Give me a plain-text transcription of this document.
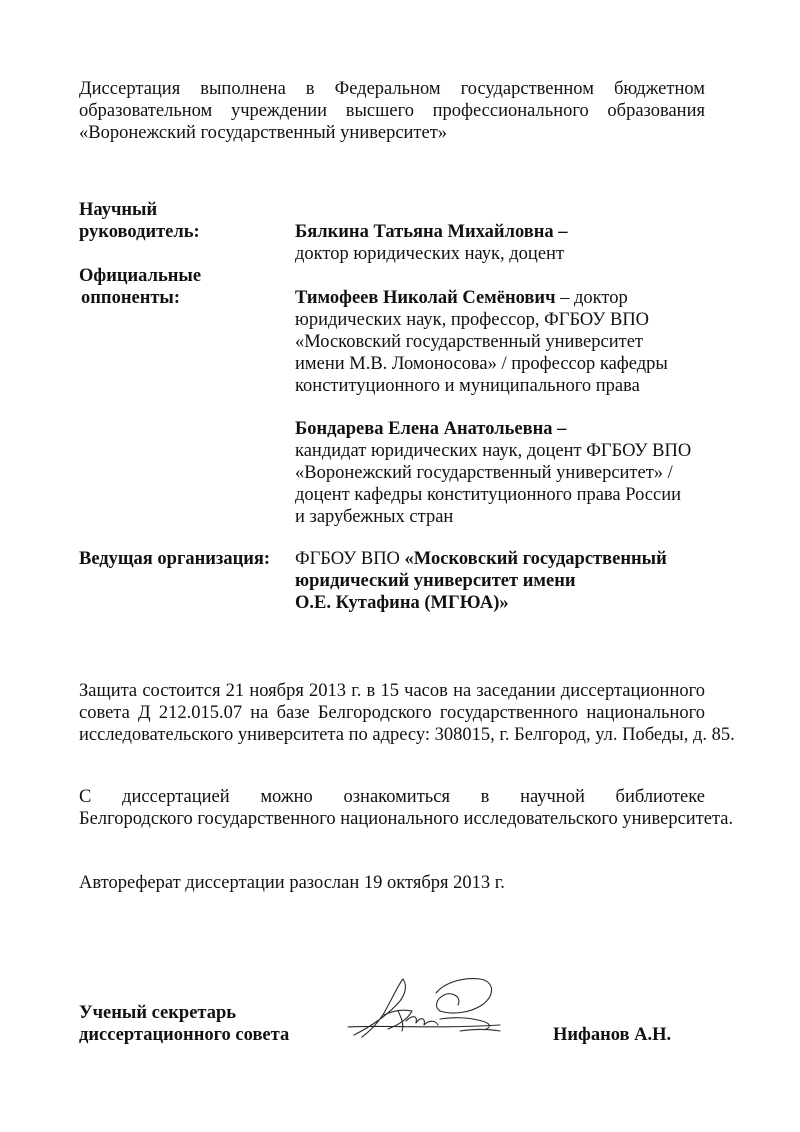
Диссертация выполнена в Федеральном государственном бюджетном
образовательном учреждении высшего профессионального образования
«Воронежский государственный университет»
Научный
руководитель:	Бялкина Татьяна Михайловна –
доктор юридических наук, доцент
Официальные
оппоненты:	Тимофеев Николай Семёнович – доктор
юридических наук, профессор, ФГБОУ ВПО
«Московский государственный университет
имени М.В. Ломоносова» / профессор кафедры
конституционного и муниципального права
Бондарева Елена Анатольевна –
кандидат юридических наук, доцент ФГБОУ ВПО
«Воронежский государственный университет» /
доцент кафедры конституционного права России
и зарубежных стран
Ведущая организация: ФГБОУ ВПО «Московский государственный
юридический университет имени
О.Е. Кутафина (МГЮА)»
Защита состоится 21 ноября 2013 г. в 15 часов на заседании диссертационного
совета Д 212.015.07 на базе Белгородского государственного национального
исследовательского университета по адресу: 308015, г. Белгород, ул. Победы, д. 85.
С диссертацией можно ознакомиться в научной библиотеке
Белгородского государственного национального исследовательского университета.
Автореферат диссертации разослан 19 октября 2013 г.
Ученый секретарь
диссертационного совета	Нифанов А.Н.
